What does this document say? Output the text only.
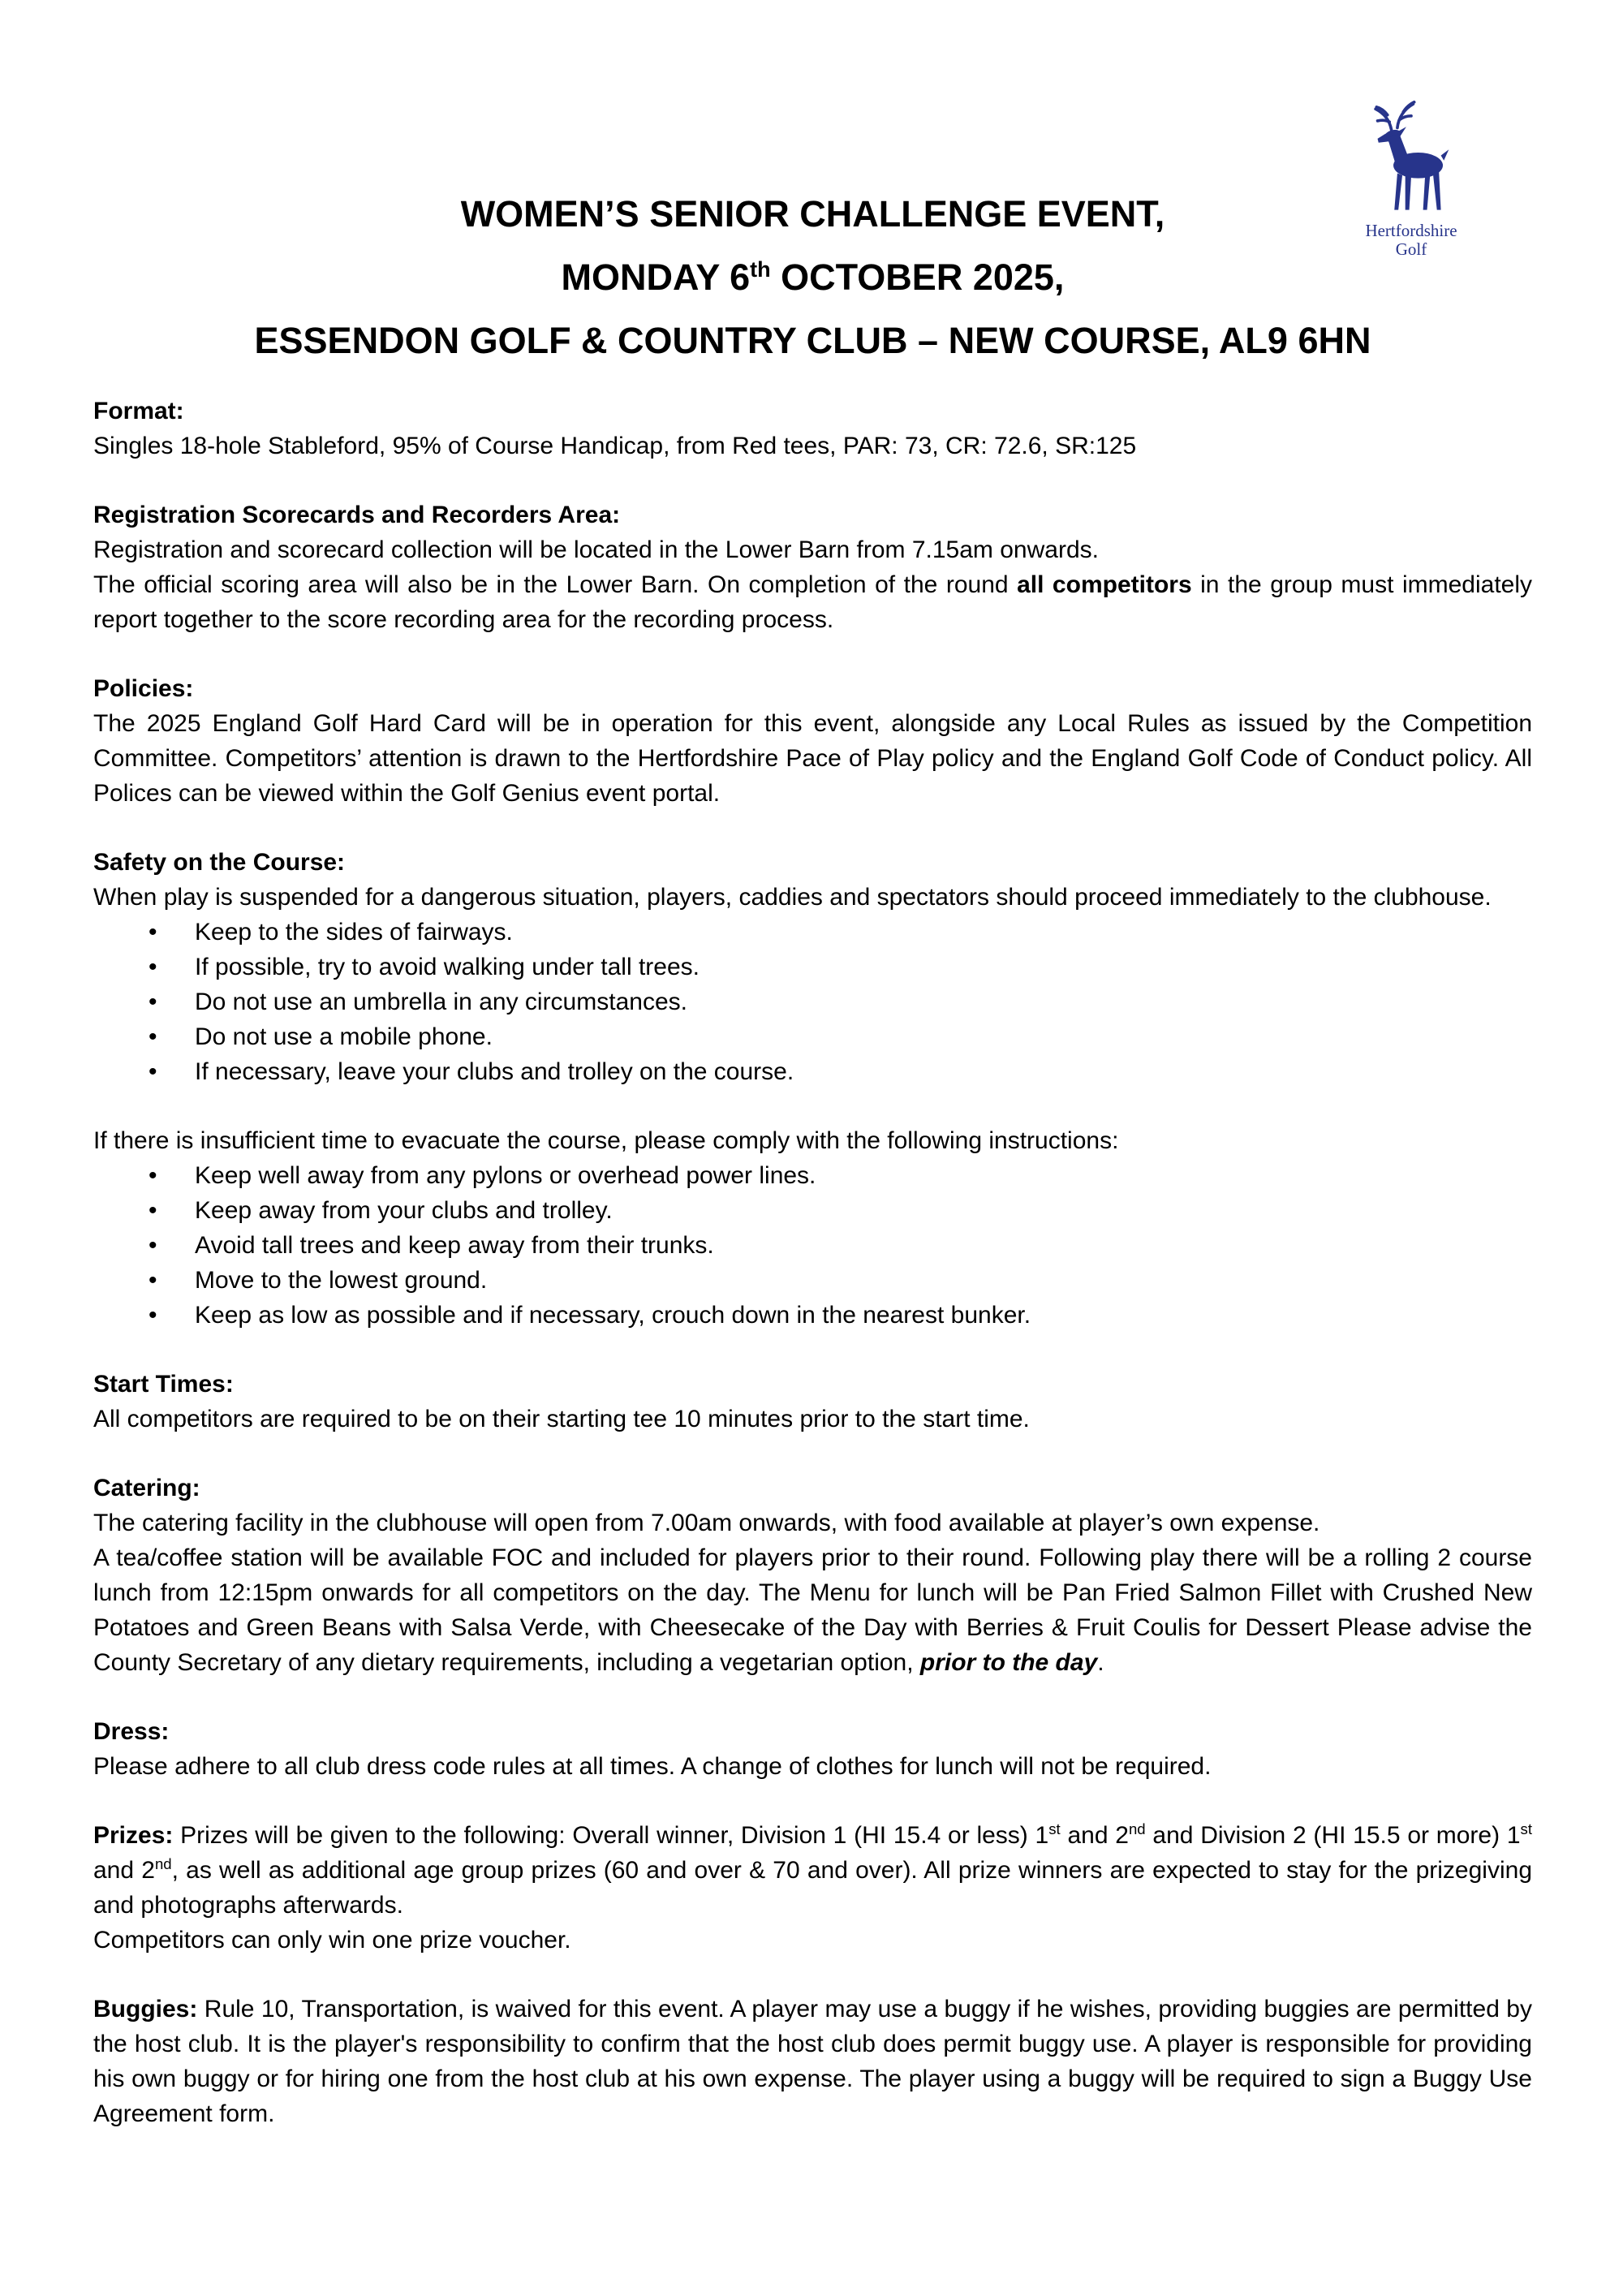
Hertfordshire
Golf
WOMEN’S SENIOR CHALLENGE EVENT,
MONDAY 6th OCTOBER 2025,
ESSENDON GOLF & COUNTRY CLUB – NEW COURSE, AL9 6HN
Format:

Singles 18-hole Stableford, 95% of Course Handicap, from Red tees, PAR: 73, CR: 72.6, SR:125

Registration Scorecards and Recorders Area:

Registration and scorecard collection will be located in the Lower Barn from 7.15am onwards.

The official scoring area will also be in the Lower Barn. On completion of the round all competitors in the group must immediately report together to the score recording area for the recording process.

Policies:

The 2025 England Golf Hard Card will be in operation for this event, alongside any Local Rules as issued by the Competition Committee. Competitors’ attention is drawn to the Hertfordshire Pace of Play policy and the England Golf Code of Conduct policy. All Polices can be viewed within the Golf Genius event portal.

Safety on the Course:

When play is suspended for a dangerous situation, players, caddies and spectators should proceed immediately to the clubhouse.

• Keep to the sides of fairways.
• If possible, try to avoid walking under tall trees.
• Do not use an umbrella in any circumstances.
• Do not use a mobile phone.
• If necessary, leave your clubs and trolley on the course.

If there is insufficient time to evacuate the course, please comply with the following instructions:

• Keep well away from any pylons or overhead power lines.
• Keep away from your clubs and trolley.
• Avoid tall trees and keep away from their trunks.
• Move to the lowest ground.
• Keep as low as possible and if necessary, crouch down in the nearest bunker.
Start Times:

All competitors are required to be on their starting tee 10 minutes prior to the start time.

Catering:

The catering facility in the clubhouse will open from 7.00am onwards, with food available at player’s own expense.

A tea/coffee station will be available FOC and included for players prior to their round. Following play there will be a rolling 2 course lunch from 12:15pm onwards for all competitors on the day. The Menu for lunch will be Pan Fried Salmon Fillet with Crushed New Potatoes and Green Beans with Salsa Verde, with Cheesecake of the Day with Berries & Fruit Coulis for Dessert Please advise the County Secretary of any dietary requirements, including a vegetarian option, prior to the day.

Dress:

Please adhere to all club dress code rules at all times. A change of clothes for lunch will not be required.

Prizes: Prizes will be given to the following: Overall winner, Division 1 (HI 15.4 or less) 1st and 2nd and Division 2 (HI 15.5 or more) 1st and 2nd, as well as additional age group prizes (60 and over & 70 and over). All prize winners are expected to stay for the prizegiving and photographs afterwards.

Competitors can only win one prize voucher.

Buggies: Rule 10, Transportation, is waived for this event. A player may use a buggy if he wishes, providing buggies are permitted by the host club. It is the player's responsibility to confirm that the host club does permit buggy use. A player is responsible for providing his own buggy or for hiring one from the host club at his own expense. The player using a buggy will be required to sign a Buggy Use Agreement form.
